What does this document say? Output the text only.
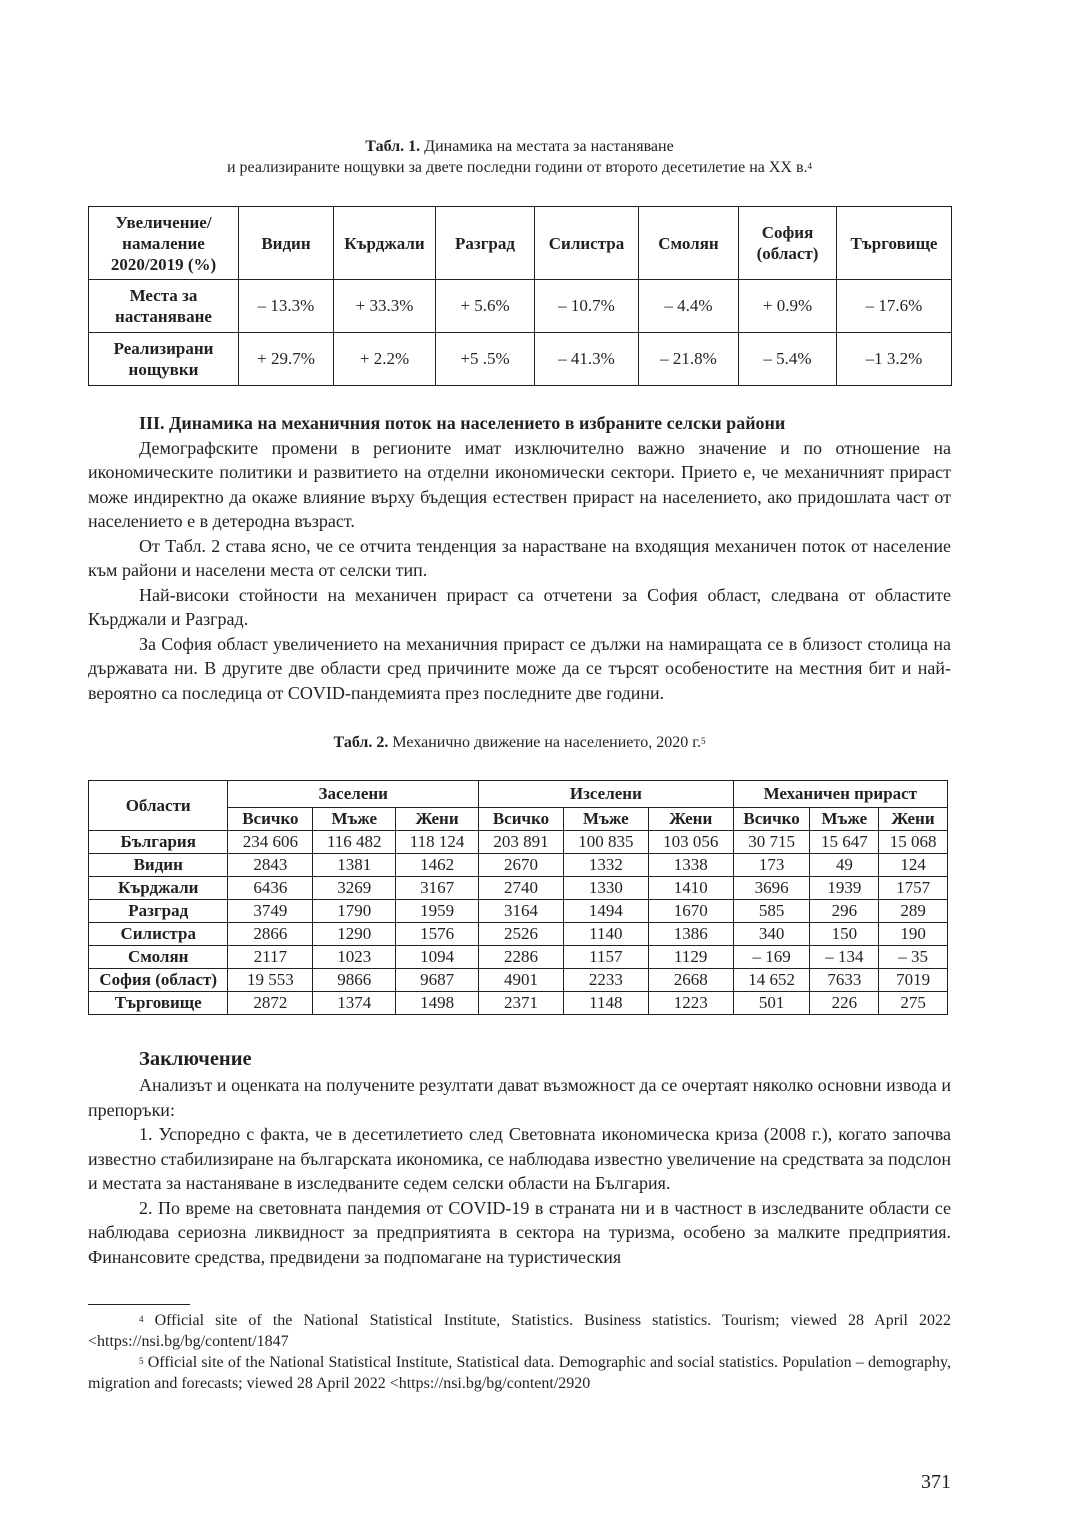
Табл. 1. Динамика на местата за настаняване
и реализираните нощувки за двете последни години от второто десетилетие на XX в.$^4$
Увеличение/
намаление
2020/2019 (%)	Видин	Кърджали	Разград	Силистра	Смолян	София
(област)	Търговище
Места за
настаняване	– 13.3%	+ 33.3%	+ 5.6%	– 10.7%	– 4.4%	+ 0.9%	– 17.6%
Реализирани
нощувки	+ 29.7%	+ 2.2%	+5 .5%	– 41.3%	– 21.8%	– 5.4%	–1 3.2%
III. Динамика на механичния поток на населението в избраните селски райони

Демографските промени в регионите имат изключително важно значение и по отношение на икономическите политики и развитието на отделни икономически сектори. Прието е, че механичният прираст може индиректно да окаже влияние върху бъдещия естествен прираст на населението, ако придошлата част от населението е в детеродна възраст.

От Табл. 2 става ясно, че се отчита тенденция за нарастване на входящия механичен поток от население към райони и населени места от селски тип.

Най-високи стойности на механичен прираст са отчетени за София област, следвана от областите Кърджали и Разград.

За София област увеличението на механичния прираст се дължи на намиращата се в близост столица на държавата ни. В другите две области сред причините може да се търсят особеностите на местния бит и най-вероятно са последица от COVID-пандемията през последните две години.

Табл. 2. Механично движение на населението, 2020 г.$^5$
Области	Заселени			Изселени			Механичен прираст		
	Всичко	Мъже	Жени	Всичко	Мъже	Жени	Всичко	Мъже	Жени
България	234 606	116 482	118 124	203 891	100 835	103 056	30 715	15 647	15 068
Видин	2843	1381	1462	2670	1332	1338	173	49	124
Кърджали	6436	3269	3167	2740	1330	1410	3696	1939	1757
Разград	3749	1790	1959	3164	1494	1670	585	296	289
Силистра	2866	1290	1576	2526	1140	1386	340	150	190
Смолян	2117	1023	1094	2286	1157	1129	– 169	– 134	– 35
София (област)	19 553	9866	9687	4901	2233	2668	14 652	7633	7019
Търговище	2872	1374	1498	2371	1148	1223	501	226	275
Заключение

Анализът и оценката на получените резултати дават възможност да се очертаят няколко основни извода и препоръки:

1. Успоредно с факта, че в десетилетието след Световната икономическа криза (2008 г.), когато започва известно стабилизиране на българската икономика, се наблюдава известно увеличение на средствата за подслон и местата за настаняване в изследваните седем селски области на България.

2. По време на световната пандемия от COVID-19 в страната ни и в частност в изследваните области се наблюдава сериозна ликвидност за предприятията в сектора на туризма, особено за малките предприятия. Финансовите средства, предвидени за подпомагане на туристическия

$^4$ Official site of the National Statistical Institute, Statistics. Business statistics. Tourism; viewed 28 April 2022 <https://nsi.bg/bg/content/1847

$^5$ Official site of the National Statistical Institute, Statistical data. Demographic and social statistics. Population – demography, migration and forecasts; viewed 28 April 2022 <https://nsi.bg/bg/content/2920

371
